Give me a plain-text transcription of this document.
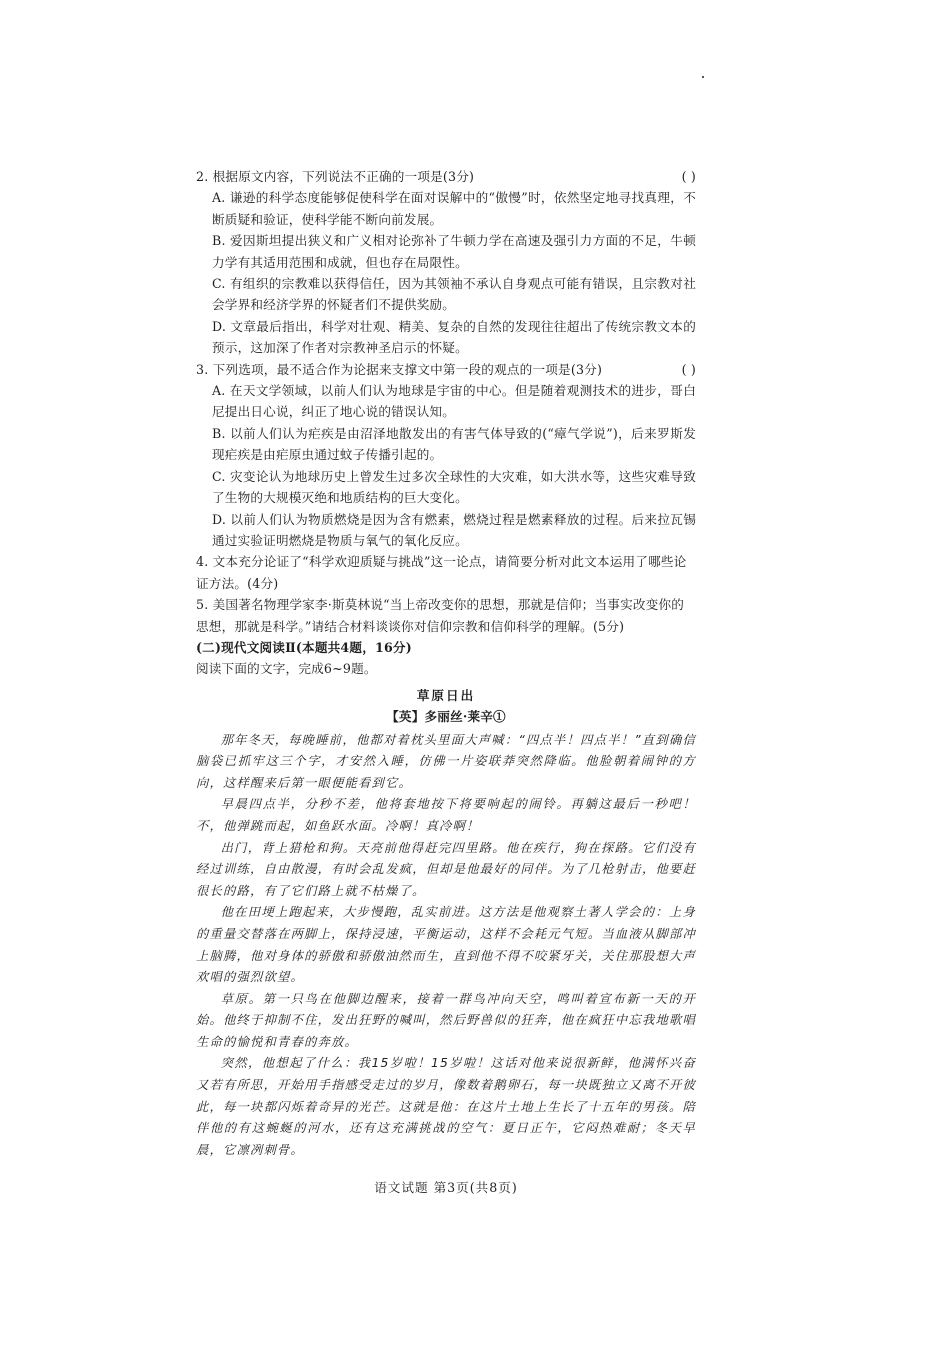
2. 根据原文内容，下列说法不正确的一项是(3分)	( )

A. 谦逊的科学态度能够促使科学在面对误解中的“傲慢”时，依然坚定地寻找真理，不断质疑和验证，使科学能不断向前发展。

B. 爱因斯坦提出狭义和广义相对论弥补了牛顿力学在高速及强引力方面的不足，牛顿力学有其适用范围和成就，但也存在局限性。

C. 有组织的宗教难以获得信任，因为其领袖不承认自身观点可能有错误，且宗教对社会学界和经济学界的怀疑者们不提供奖励。

D. 文章最后指出，科学对壮观、精美、复杂的自然的发现往往超出了传统宗教文本的预示，这加深了作者对宗教神圣启示的怀疑。

3. 下列选项，最不适合作为论据来支撑文中第一段的观点的一项是(3分)	( )

A. 在天文学领域，以前人们认为地球是宇宙的中心。但是随着观测技术的进步，哥白尼提出日心说，纠正了地心说的错误认知。

B. 以前人们认为疟疾是由沼泽地散发出的有害气体导致的(“瘴气学说”)，后来罗斯发现疟疾是由疟原虫通过蚊子传播引起的。

C. 灾变论认为地球历史上曾发生过多次全球性的大灾难，如大洪水等，这些灾难导致了生物的大规模灭绝和地质结构的巨大变化。

D. 以前人们认为物质燃烧是因为含有燃素，燃烧过程是燃素释放的过程。后来拉瓦锡通过实验证明燃烧是物质与氧气的氧化反应。

4. 文本充分论证了“科学欢迎质疑与挑战”这一论点，请简要分析对此文本运用了哪些论证方法。(4分)

5. 美国著名物理学家李·斯莫林说“当上帝改变你的思想，那就是信仰；当事实改变你的思想，那就是科学。”请结合材料谈谈你对信仰宗教和信仰科学的理解。(5分)

(二)现代文阅读Ⅱ(本题共4题，16分)

阅读下面的文字，完成6~9题。

草原日出
【英】多丽丝·莱辛①

那年冬天，每晚睡前，他都对着枕头里面大声喊：“四点半！四点半！”直到确信脑袋已抓牢这三个字，才安然入睡，仿佛一片姿联莽突然降临。他脸朝着闹钟的方向，这样醒来后第一眼便能看到它。

早晨四点半，分秒不差，他将套地按下将要响起的闹铃。再躺这最后一秒吧！不，他弹跳而起，如鱼跃水面。冷啊！真冷啊！

出门，背上猎枪和狗。天亮前他得赶完四里路。他在疾行，狗在探路。它们没有经过训练，自由散漫，有时会乱发疯，但却是他最好的同伴。为了几枪射击，他要赶很长的路，有了它们路上就不枯燥了。

他在田埂上跑起来，大步慢跑，乱实前进。这方法是他观察土著人学会的：上身的重量交替落在两脚上，保持浸速，平衡运动，这样不会耗元气短。当血液从脚部冲上脑腾，他对身体的骄傲和骄傲油然而生，直到他不得不咬紧牙关，关住那股想大声欢唱的强烈欲望。

草原。第一只鸟在他脚边醒来，接着一群鸟冲向天空，鸣叫着宣布新一天的开始。他终于抑制不住，发出狂野的喊叫，然后野兽似的狂奔，他在疯狂中忘我地歌唱生命的愉悦和青春的奔放。

突然，他想起了什么：我15岁啦！15岁啦！这话对他来说很新鲜，他满怀兴奋又若有所思，开始用手指感受走过的岁月，像数着鹅卵石，每一块既独立又离不开彼此，每一块都闪烁着奇异的光芒。这就是他：在这片土地上生长了十五年的男孩。陪伴他的有这蜿蜒的河水，还有这充满挑战的空气：夏日正午，它闷热难耐；冬天早晨，它凛冽刺骨。

语文试题 第3页(共8页)
